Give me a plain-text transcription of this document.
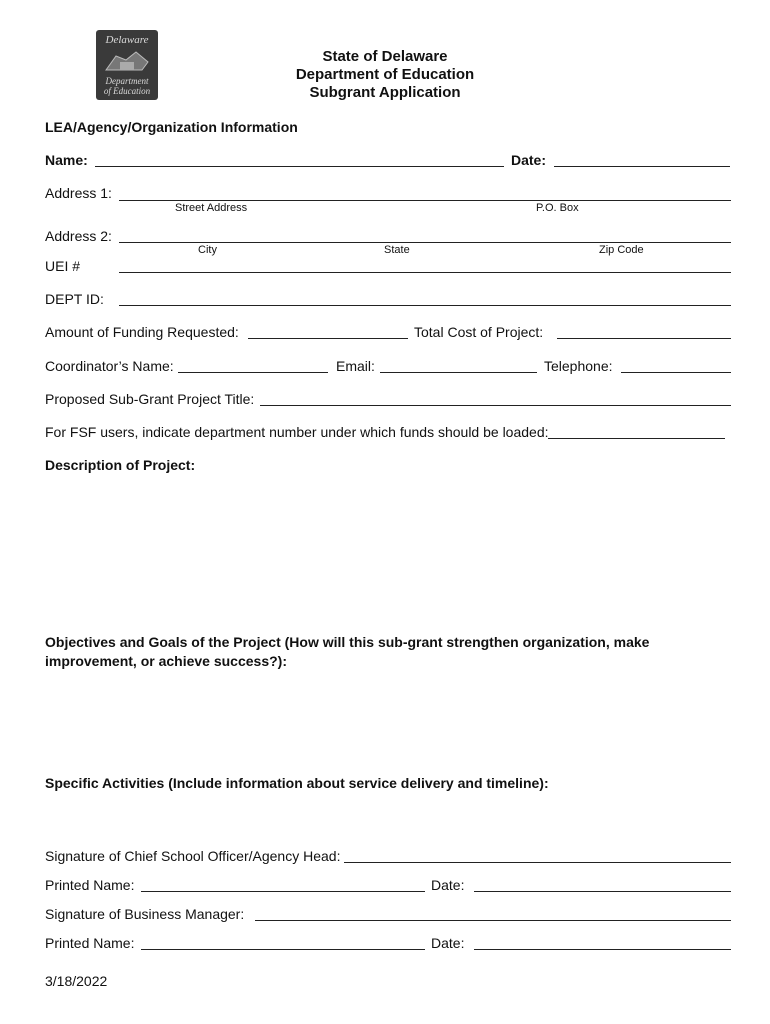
Delaware
Department
of Education
State of Delaware
Department of Education
Subgrant Application
LEA/Agency/Organization Information
Name:	Date:
Address 1:
Street Address	P.O. Box
Address 2:
City	State	Zip Code
UEI #
DEPT ID:
Amount of Funding Requested:	Total Cost of Project:
Coordinator’s Name:	Email:	Telephone:
Proposed Sub-Grant Project Title:
For FSF users, indicate department number under which funds should be loaded:
Description of Project:
Objectives and Goals of the Project (How will this sub-grant strengthen organization, make
improvement, or achieve success?):
Specific Activities (Include information about service delivery and timeline):
Signature of Chief School Officer/Agency Head:
Printed Name:	Date:
Signature of Business Manager:
Printed Name:	Date:
3/18/2022
